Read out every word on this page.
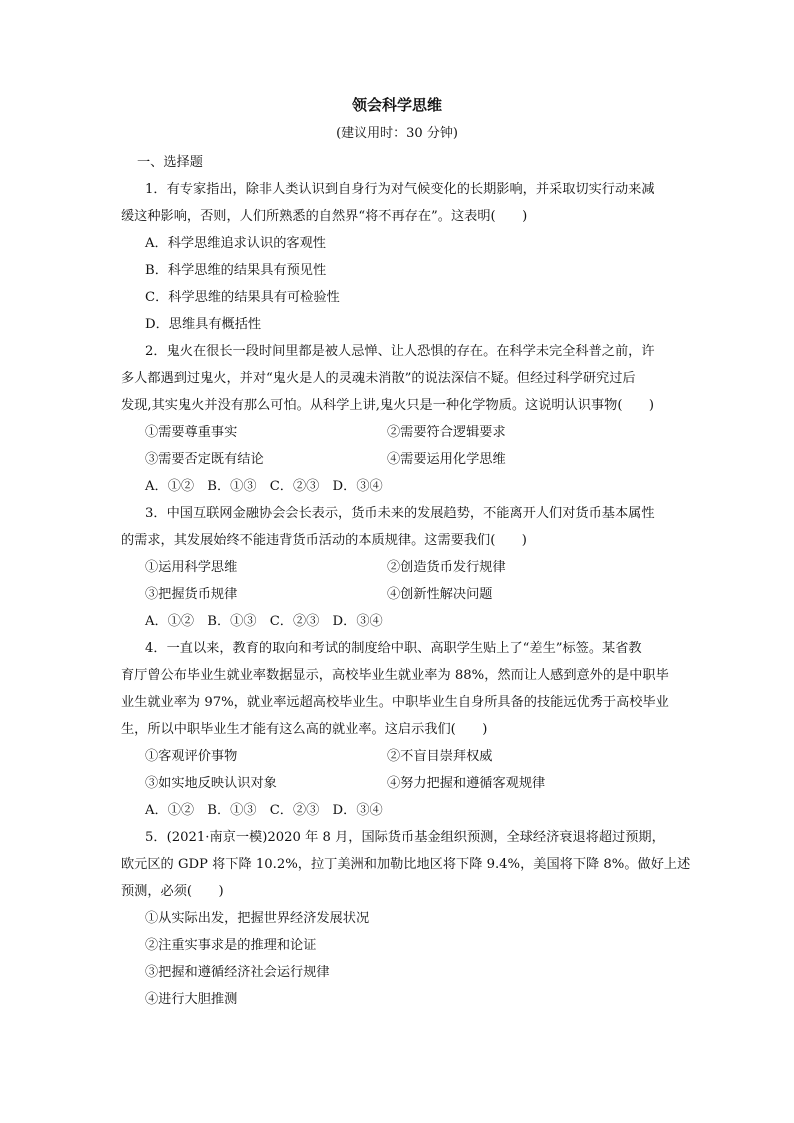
领会科学思维
(建议用时：30 分钟)
一、选择题
1．有专家指出，除非人类认识到自身行为对气候变化的长期影响，并采取切实行动来减
缓这种影响，否则，人们所熟悉的自然界“将不再存在”。这表明(　　)
A．科学思维追求认识的客观性
B．科学思维的结果具有预见性
C．科学思维的结果具有可检验性
D．思维具有概括性
2．鬼火在很长一段时间里都是被人忌惮、让人恐惧的存在。在科学未完全科普之前，许
多人都遇到过鬼火，并对“鬼火是人的灵魂未消散”的说法深信不疑。但经过科学研究过后
发现,其实鬼火并没有那么可怕。从科学上讲,鬼火只是一种化学物质。这说明认识事物(　　)
①需要尊重事实	②需要符合逻辑要求
③需要否定既有结论	④需要运用化学思维
A．①②　B．①③　C．②③　D．③④
3．中国互联网金融协会会长表示，货币未来的发展趋势，不能离开人们对货币基本属性
的需求，其发展始终不能违背货币活动的本质规律。这需要我们(　　)
①运用科学思维	②创造货币发行规律
③把握货币规律	④创新性解决问题
A．①②　B．①③　C．②③　D．③④
4．一直以来，教育的取向和考试的制度给中职、高职学生贴上了“差生”标签。某省教
育厅曾公布毕业生就业率数据显示，高校毕业生就业率为 88%，然而让人感到意外的是中职毕
业生就业率为 97%，就业率远超高校毕业生。中职毕业生自身所具备的技能远优秀于高校毕业
生，所以中职毕业生才能有这么高的就业率。这启示我们(　　)
①客观评价事物	②不盲目崇拜权威
③如实地反映认识对象	④努力把握和遵循客观规律
A．①②　B．①③　C．②③　D．③④
5．(2021·南京一模)2020 年 8 月，国际货币基金组织预测，全球经济衰退将超过预期，
欧元区的 GDP 将下降 10.2%，拉丁美洲和加勒比地区将下降 9.4%，美国将下降 8%。做好上述
预测，必须(　　)
①从实际出发，把握世界经济发展状况
②注重实事求是的推理和论证
③把握和遵循经济社会运行规律
④进行大胆推测
